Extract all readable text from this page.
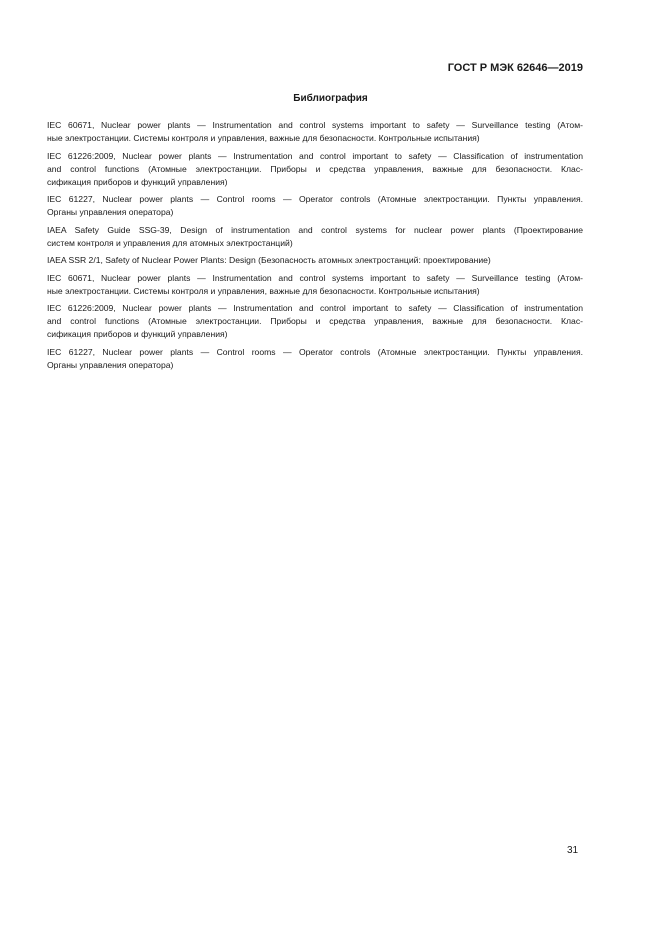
ГОСТ Р МЭК 62646—2019
Библиография
IEC 60671, Nuclear power plants — Instrumentation and control systems important to safety — Surveillance testing (Атом-
ные электростанции. Системы контроля и управления, важные для безопасности. Контрольные испытания)
IEC 61226:2009, Nuclear power plants — Instrumentation and control important to safety — Classification of instrumentation
and control functions (Атомные электростанции. Приборы и средства управления, важные для безопасности. Клас-
сификация приборов и функций управления)
IEC 61227, Nuclear power plants — Control rooms — Operator controls (Атомные электростанции. Пункты управления.
Органы управления оператора)
IAEA Safety Guide SSG-39, Design of instrumentation and control systems for nuclear power plants (Проектирование
систем контроля и управления для атомных электростанций)
IAEA SSR 2/1, Safety of Nuclear Power Plants: Design (Безопасность атомных электростанций: проектирование)
IEC 60671, Nuclear power plants — Instrumentation and control systems important to safety — Surveillance testing (Атом-
ные электростанции. Системы контроля и управления, важные для безопасности. Контрольные испытания)
IEC 61226:2009, Nuclear power plants — Instrumentation and control important to safety — Classification of instrumentation
and control functions (Атомные электростанции. Приборы и средства управления, важные для безопасности. Клас-
сификация приборов и функций управления)
IEC 61227, Nuclear power plants — Control rooms — Operator controls (Атомные электростанции. Пункты управления.
Органы управления оператора)
31
